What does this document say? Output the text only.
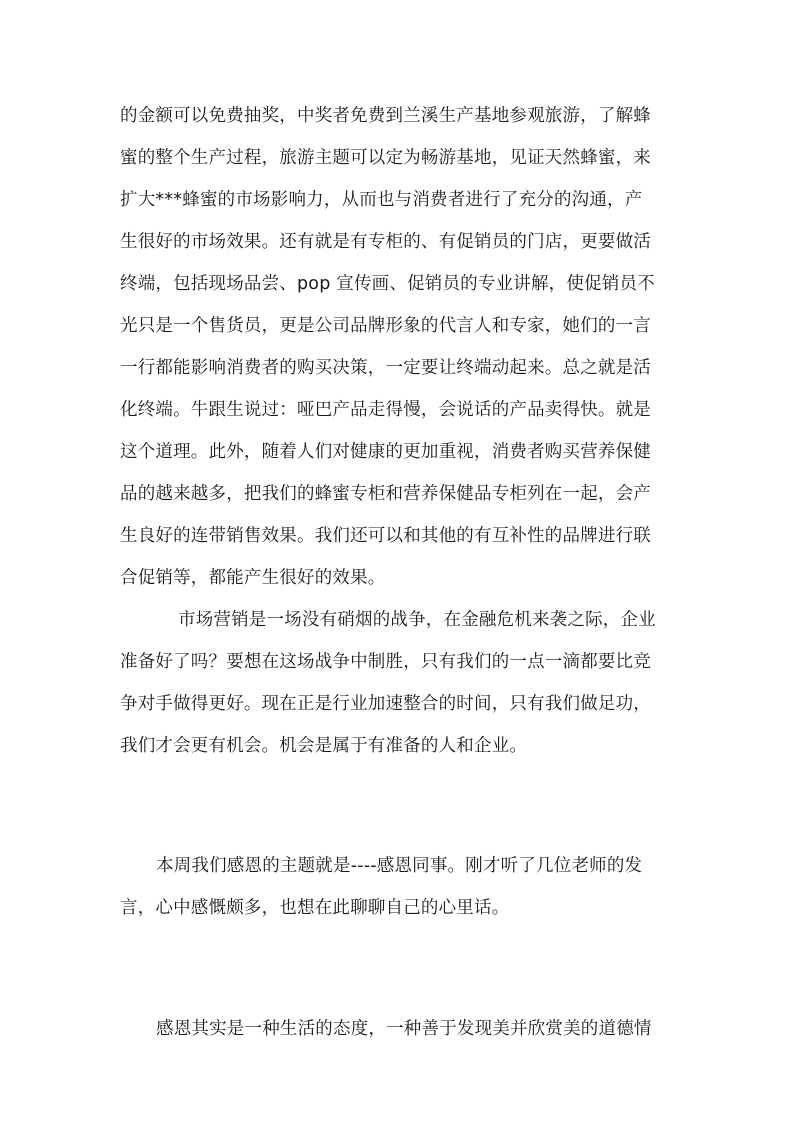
的金额可以免费抽奖，中奖者免费到兰溪生产基地参观旅游，了解蜂
蜜的整个生产过程，旅游主题可以定为畅游基地，见证天然蜂蜜，来
扩大***蜂蜜的市场影响力，从而也与消费者进行了充分的沟通，产
生很好的市场效果。还有就是有专柜的、有促销员的门店，更要做活
终端，包括现场品尝、pop 宣传画、促销员的专业讲解，使促销员不
光只是一个售货员，更是公司品牌形象的代言人和专家，她们的一言
一行都能影响消费者的购买决策，一定要让终端动起来。总之就是活
化终端。牛跟生说过：哑巴产品走得慢，会说话的产品卖得快。就是
这个道理。此外，随着人们对健康的更加重视，消费者购买营养保健
品的越来越多，把我们的蜂蜜专柜和营养保健品专柜列在一起，会产
生良好的连带销售效果。我们还可以和其他的有互补性的品牌进行联
合促销等，都能产生很好的效果。
市场营销是一场没有硝烟的战争，在金融危机来袭之际，企业
准备好了吗？要想在这场战争中制胜，只有我们的一点一滴都要比竞
争对手做得更好。现在正是行业加速整合的时间，只有我们做足功，
我们才会更有机会。机会是属于有准备的人和企业。
本周我们感恩的主题就是----感恩同事。刚才听了几位老师的发
言，心中感慨颇多，也想在此聊聊自己的心里话。
感恩其实是一种生活的态度，一种善于发现美并欣赏美的道德情
